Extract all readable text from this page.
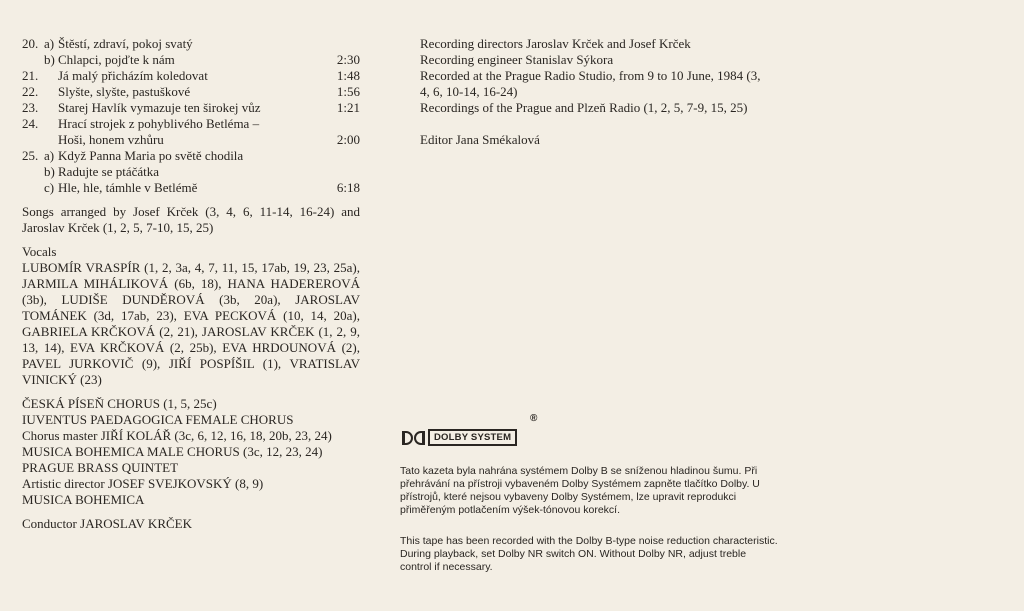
20. a) Štěstí, zdraví, pokoj svatý
b) Chlapci, pojďte k nám	2:30
21.	Já malý přicházím koledovat	1:48
22.	Slyšte, slyšte, pastuškové	1:56
23.	Starej Havlík vymazuje ten širokej vůz	1:21
24.	Hrací strojek z pohyblivého Betléma –
Hoši, honem vzhůru	2:00
25. a) Když Panna Maria po světě chodila
b) Radujte se ptáčátka
c) Hle, hle, támhle v Betlémě	6:18
Songs arranged by Josef Krček (3, 4, 6, 11-14, 16-24) and Jaroslav Krček (1, 2, 5, 7-10, 15, 25)
Vocals
LUBOMÍR VRASPÍR (1, 2, 3a, 4, 7, 11, 15, 17ab, 19, 23, 25a), JARMILA MIHÁLIKOVÁ (6b, 18), HANA HADEREROVÁ (3b), LUDIŠE DUNDĚROVÁ (3b, 20a), JAROSLAV TOMÁNEK (3d, 17ab, 23), EVA PECKOVÁ (10, 14, 20a), GABRIELA KRČKOVÁ (2, 21), JAROSLAV KRČEK (1, 2, 9, 13, 14), EVA KRČKOVÁ (2, 25b), EVA HRDOUNOVÁ (2), PAVEL JURKOVIČ (9), JIŘÍ POSPÍŠIL (1), VRATISLAV VINICKÝ (23)
ČESKÁ PÍSEŇ CHORUS (1, 5, 25c)
IUVENTUS PAEDAGOGICA FEMALE CHORUS
Chorus master JIŘÍ KOLÁŘ (3c, 6, 12, 16, 18, 20b, 23, 24)
MUSICA BOHEMICA MALE CHORUS (3c, 12, 23, 24)
PRAGUE BRASS QUINTET
Artistic director JOSEF SVEJKOVSKÝ (8, 9)
MUSICA BOHEMICA
Conductor JAROSLAV KRČEK
Recording directors Jaroslav Krček and Josef Krček
Recording engineer Stanislav Sýkora
Recorded at the Prague Radio Studio, from 9 to 10 June, 1984 (3, 4, 6, 10-14, 16-24)
Recordings of the Prague and Plzeň Radio (1, 2, 5, 7-9, 15, 25)
Editor Jana Smékalová
®
DOLBY SYSTEM
Tato kazeta byla nahrána systémem Dolby B se sníženou hladinou šumu. Při přehrávání na přístroji vybaveném Dolby Systémem zapněte tlačítko Dolby. U přístrojů, které nejsou vybaveny Dolby Systémem, lze upravit reprodukci přiměřeným potlačením výšek-tónovou korekcí.
This tape has been recorded with the Dolby B-type noise reduction characteristic. During playback, set Dolby NR switch ON. Without Dolby NR, adjust treble control if necessary.
